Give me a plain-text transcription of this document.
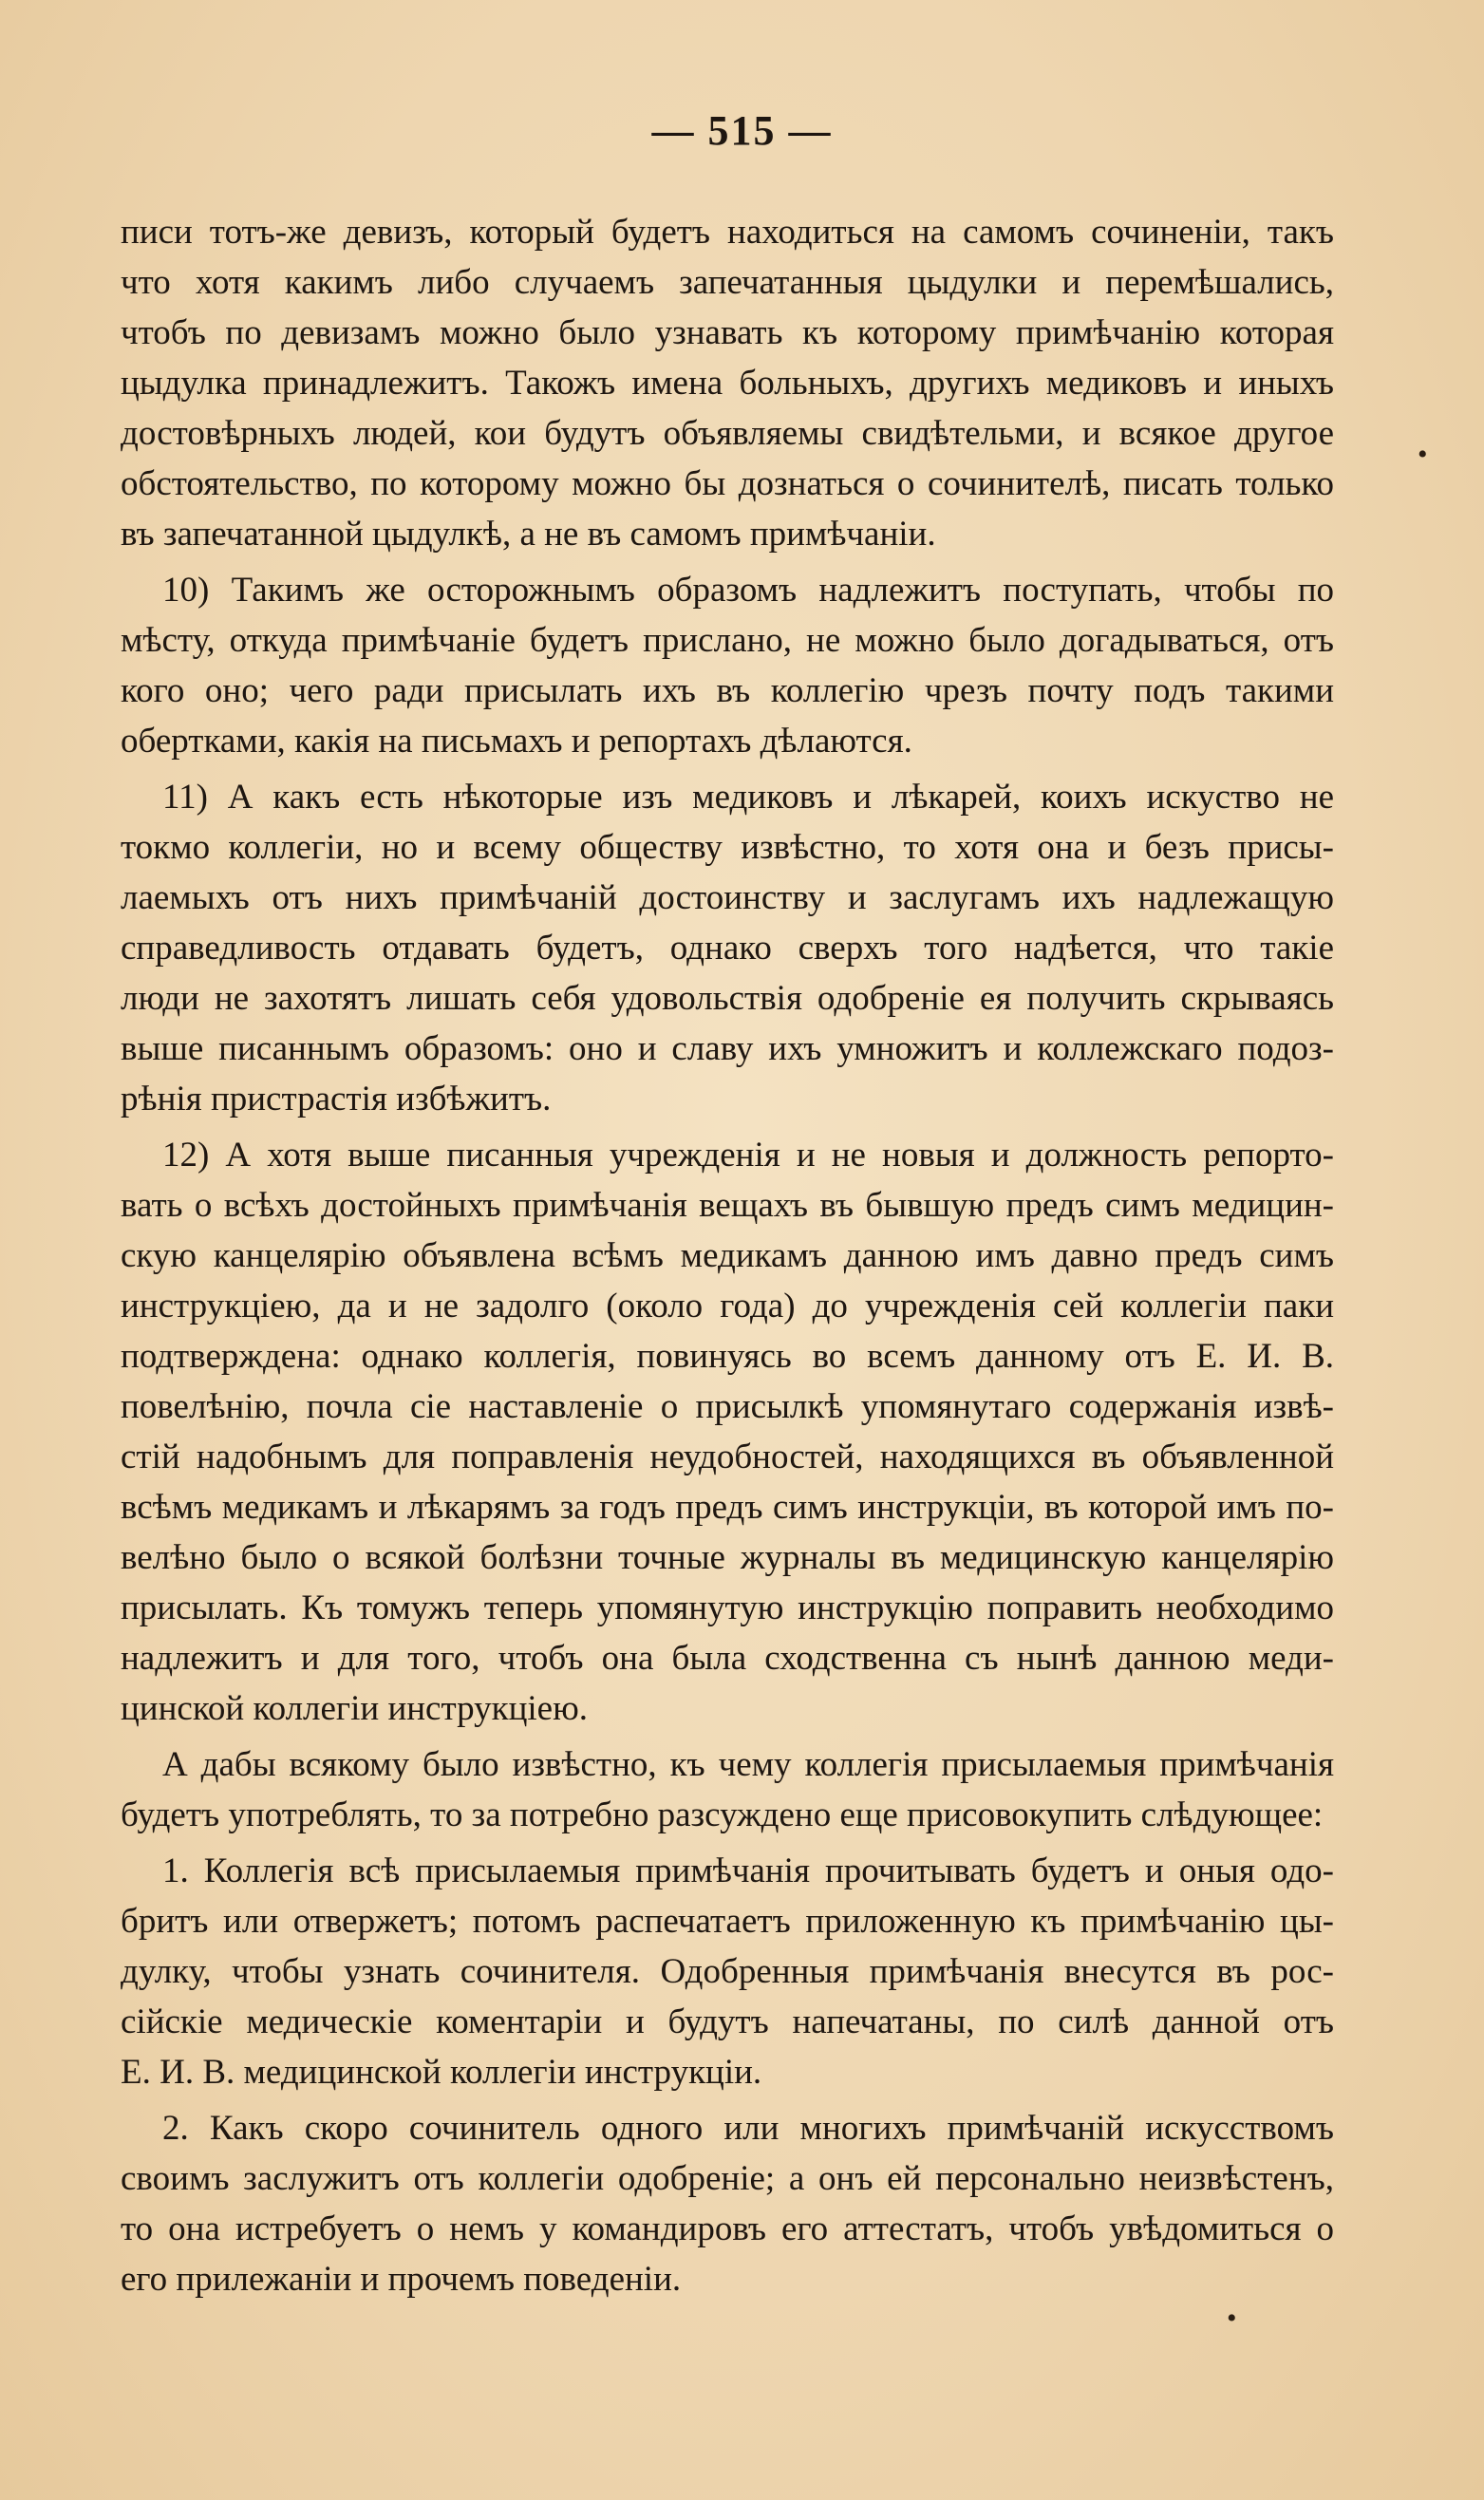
— 515 —
писи тотъ-же девизъ, который будетъ находиться на самомъ сочиненіи, такъ
что хотя какимъ либо случаемъ запечатанныя цыдулки и перемѣшались,
чтобъ по девизамъ можно было узнавать къ которому примѣчанію которая
цыдулка принадлежитъ. Такожъ имена больныхъ, другихъ медиковъ и иныхъ
достовѣрныхъ людей, кои будутъ объявляемы свидѣтельми, и всякое другое
обстоятельство, по которому можно бы дознаться о сочинителѣ, писать только
въ запечатанной цыдулкѣ, а не въ самомъ примѣчаніи.
10) Такимъ же осторожнымъ образомъ надлежитъ поступать, чтобы по
мѣсту, откуда примѣчаніе будетъ прислано, не можно было догадываться, отъ
кого оно; чего ради присылать ихъ въ коллегію чрезъ почту подъ такими
обертками, какія на письмахъ и репортахъ дѣлаются.
11) А какъ есть нѣкоторые изъ медиковъ и лѣкарей, коихъ искуство не
токмо коллегіи, но и всему обществу извѣстно, то хотя она и безъ присы-
лаемыхъ отъ нихъ примѣчаній достоинству и заслугамъ ихъ надлежащую
справедливость отдавать будетъ, однако сверхъ того надѣется, что такіе
люди не захотятъ лишать себя удовольствія одобреніе ея получить скрываясь
выше писаннымъ образомъ: оно и славу ихъ умножитъ и коллежскаго подоз-
рѣнія пристрастія избѣжитъ.
12) А хотя выше писанныя учрежденія и не новыя и должность репорто-
вать о всѣхъ достойныхъ примѣчанія вещахъ въ бывшую предъ симъ медицин-
скую канцелярію объявлена всѣмъ медикамъ данною имъ давно предъ симъ
инструкціею, да и не задолго (около года) до учрежденія сей коллегіи паки
подтверждена: однако коллегія, повинуясь во всемъ данному отъ Е. И. В.
повелѣнію, почла сіе наставленіе о присылкѣ упомянутаго содержанія извѣ-
стій надобнымъ для поправленія неудобностей, находящихся въ объявленной
всѣмъ медикамъ и лѣкарямъ за годъ предъ симъ инструкціи, въ которой имъ по-
велѣно было о всякой болѣзни точные журналы въ медицинскую канцелярію
присылать. Къ томужъ теперь упомянутую инструкцію поправить необходимо
надлежитъ и для того, чтобъ она была сходственна съ нынѣ данною меди-
цинской коллегіи инструкціею.
А дабы всякому было извѣстно, къ чему коллегія присылаемыя примѣчанія
будетъ употреблять, то за потребно разсуждено еще присовокупить слѣдующее:
1. Коллегія всѣ присылаемыя примѣчанія прочитывать будетъ и оныя одо-
бритъ или отвержетъ; потомъ распечатаетъ приложенную къ примѣчанію цы-
дулку, чтобы узнать сочинителя. Одобренныя примѣчанія внесутся въ рос-
сійскіе медическіе коментаріи и будутъ напечатаны, по силѣ данной отъ
Е. И. В. медицинской коллегіи инструкціи.
2. Какъ скоро сочинитель одного или многихъ примѣчаній искусствомъ
своимъ заслужитъ отъ коллегіи одобреніе; а онъ ей персонально неизвѣстенъ,
то она истребуетъ о немъ у командировъ его аттестатъ, чтобъ увѣдомиться о
его прилежаніи и прочемъ поведеніи.
•
•
